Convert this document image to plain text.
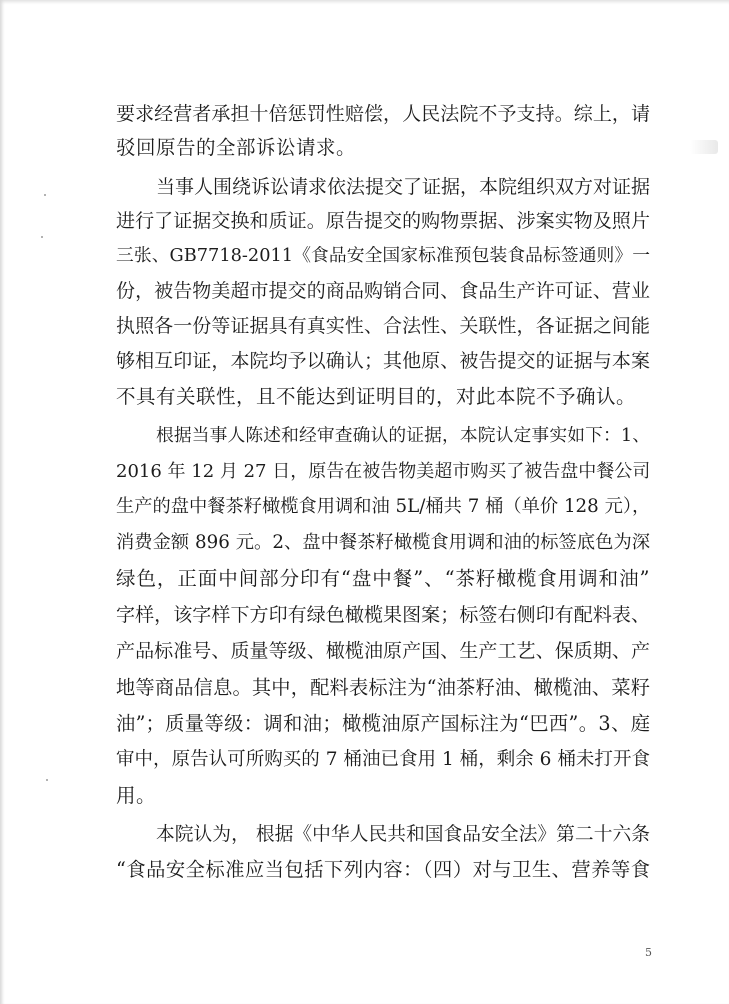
要求经营者承担十倍惩罚性赔偿，人民法院不予支持。综上，请
驳回原告的全部诉讼请求。
当事人围绕诉讼请求依法提交了证据，本院组织双方对证据
进行了证据交换和质证。原告提交的购物票据、涉案实物及照片
三张、GB7718-2011《食品安全国家标准预包装食品标签通则》一
份，被告物美超市提交的商品购销合同、食品生产许可证、营业
执照各一份等证据具有真实性、合法性、关联性，各证据之间能
够相互印证，本院均予以确认；其他原、被告提交的证据与本案
不具有关联性，且不能达到证明目的，对此本院不予确认。
根据当事人陈述和经审查确认的证据，本院认定事实如下：1、
2016 年 12 月 27 日，原告在被告物美超市购买了被告盘中餐公司
生产的盘中餐茶籽橄榄食用调和油 5L/桶共 7 桶（单价 128 元），
消费金额 896 元。2、盘中餐茶籽橄榄食用调和油的标签底色为深
绿色，正面中间部分印有“盘中餐”、“茶籽橄榄食用调和油”
字样，该字样下方印有绿色橄榄果图案；标签右侧印有配料表、
产品标准号、质量等级、橄榄油原产国、生产工艺、保质期、产
地等商品信息。其中，配料表标注为“油茶籽油、橄榄油、菜籽
油”；质量等级：调和油；橄榄油原产国标注为“巴西”。3、庭
审中，原告认可所购买的 7 桶油已食用 1 桶，剩余 6 桶未打开食
用。
本院认为， 根据《中华人民共和国食品安全法》第二十六条
“食品安全标准应当包括下列内容：（四）对与卫生、营养等食
5
